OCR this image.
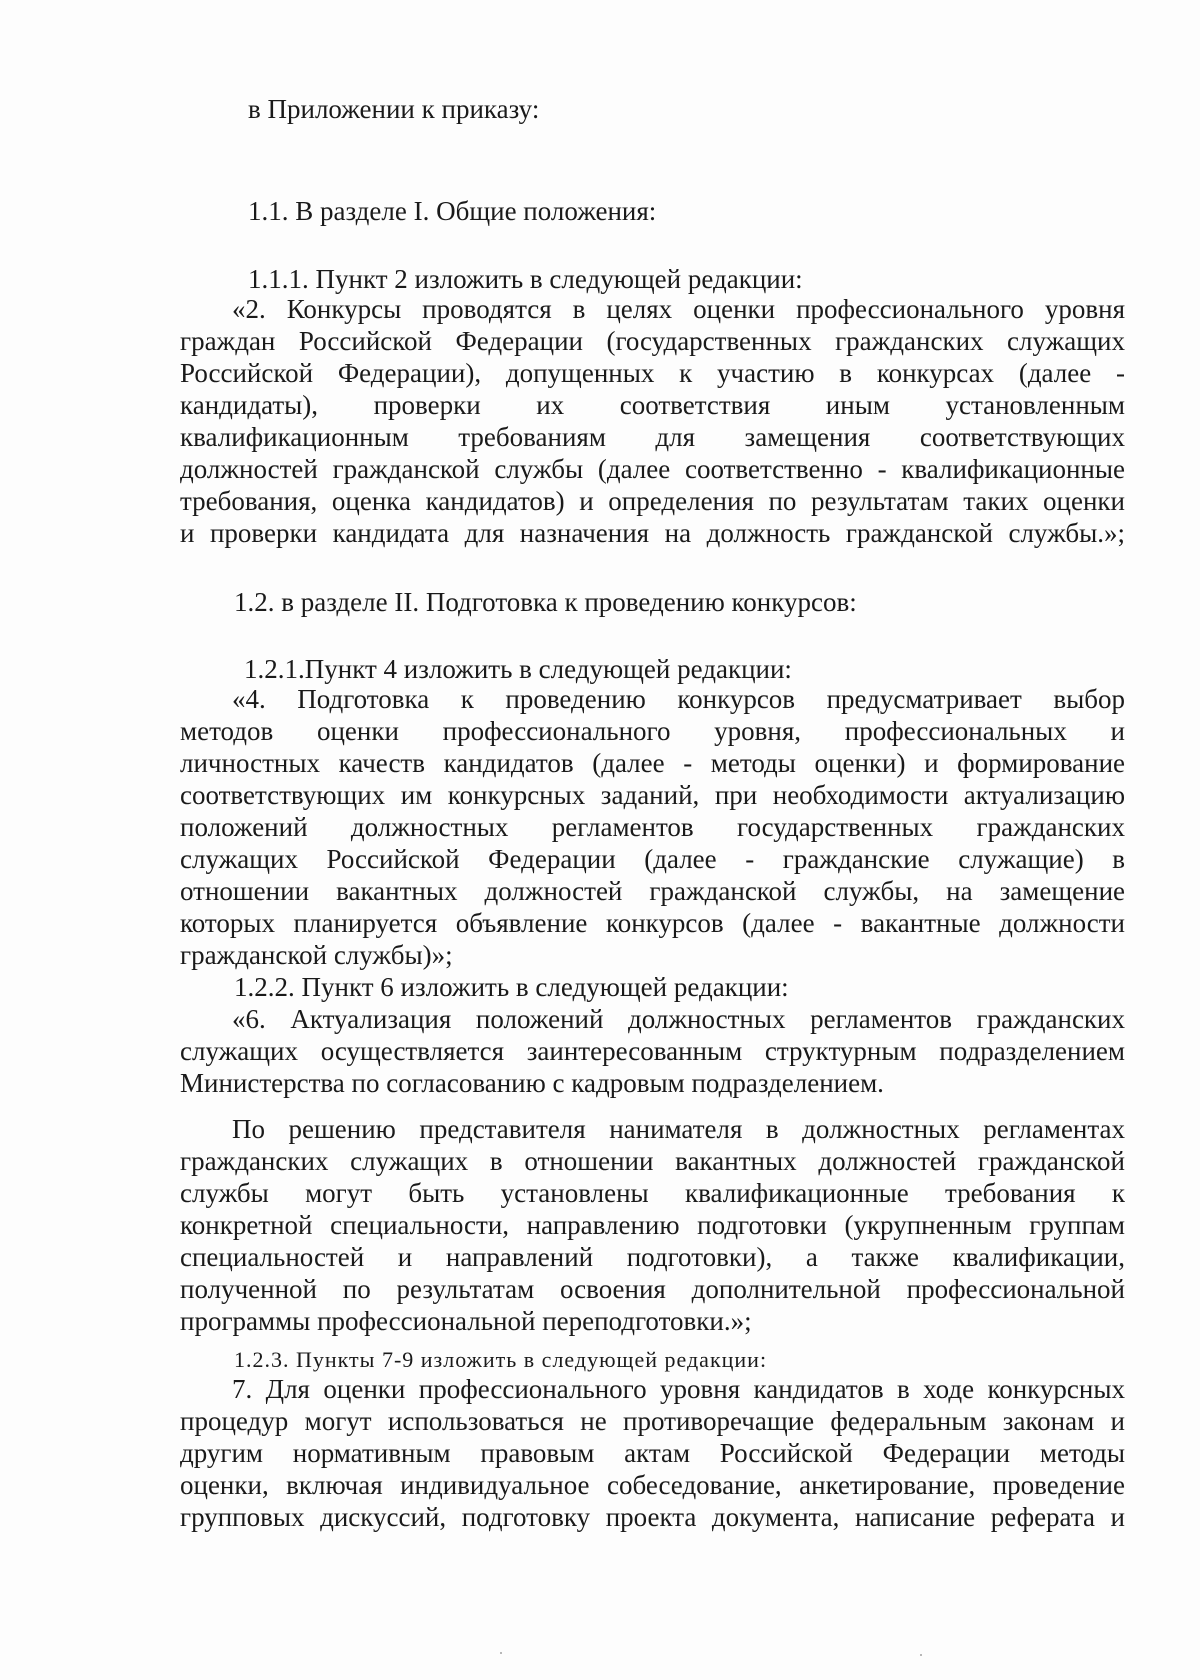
в Приложении к приказу:
1.1. В разделе I. Общие положения:
1.1.1. Пункт 2 изложить в следующей редакции:
«2. Конкурсы проводятся в целях оценки профессионального уровня
граждан Российской Федерации (государственных гражданских служащих
Российской Федерации), допущенных к участию в конкурсах (далее -
кандидаты), проверки их соответствия иным установленным
квалификационным требованиям для замещения соответствующих
должностей гражданской службы (далее соответственно - квалификационные
требования, оценка кандидатов) и определения по результатам таких оценки
и проверки кандидата для назначения на должность гражданской службы.»;
1.2. в разделе II. Подготовка к проведению конкурсов:
1.2.1.Пункт 4 изложить в следующей редакции:
«4. Подготовка к проведению конкурсов предусматривает выбор
методов оценки профессионального уровня, профессиональных и
личностных качеств кандидатов (далее - методы оценки) и формирование
соответствующих им конкурсных заданий, при необходимости актуализацию
положений должностных регламентов государственных гражданских
служащих Российской Федерации (далее - гражданские служащие) в
отношении вакантных должностей гражданской службы, на замещение
которых планируется объявление конкурсов (далее - вакантные должности
гражданской службы)»;
1.2.2. Пункт 6 изложить в следующей редакции:
«6. Актуализация положений должностных регламентов гражданских
служащих осуществляется заинтересованным структурным подразделением
Министерства по согласованию с кадровым подразделением.
По решению представителя нанимателя в должностных регламентах
гражданских служащих в отношении вакантных должностей гражданской
службы могут быть установлены квалификационные требования к
конкретной специальности, направлению подготовки (укрупненным группам
специальностей и направлений подготовки), а также квалификации,
полученной по результатам освоения дополнительной профессиональной
программы профессиональной переподготовки.»;
1.2.3. Пункты 7-9 изложить в следующей редакции:
7. Для оценки профессионального уровня кандидатов в ходе конкурсных
процедур могут использоваться не противоречащие федеральным законам и
другим нормативным правовым актам Российской Федерации методы
оценки, включая индивидуальное собеседование, анкетирование, проведение
групповых дискуссий, подготовку проекта документа, написание реферата и
